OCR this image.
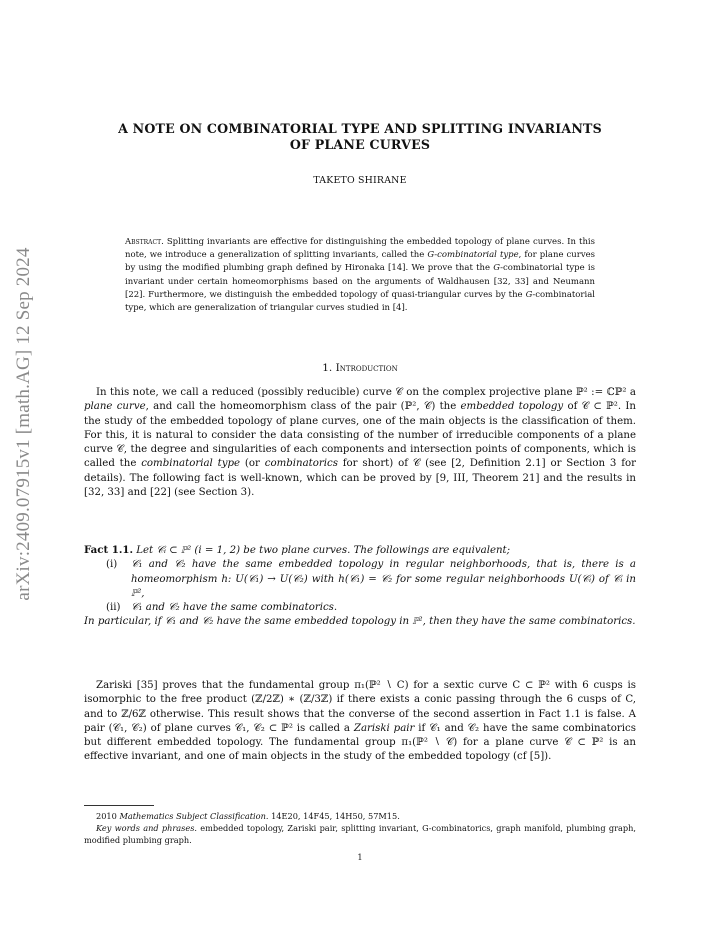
arXiv:2409.07915v1 [math.AG] 12 Sep 2024
A NOTE ON COMBINATORIAL TYPE AND SPLITTING INVARIANTS
OF PLANE CURVES
TAKETO SHIRANE
Abstract. Splitting invariants are effective for distinguishing the embedded topology of plane curves. In this note, we introduce a generalization of splitting invariants, called the G-combinatorial type, for plane curves by using the modified plumbing graph defined by Hironaka [14]. We prove that the G-combinatorial type is invariant under certain homeomorphisms based on the arguments of Waldhausen [32, 33] and Neumann [22]. Furthermore, we distinguish the embedded topology of quasi-triangular curves by the G-combinatorial type, which are generalization of triangular curves studied in [4].
1. Introduction
In this note, we call a reduced (possibly reducible) curve 𝒞 on the complex projective plane ℙ² := ℂℙ² a plane curve, and call the homeomorphism class of the pair (ℙ², 𝒞) the embedded topology of 𝒞 ⊂ ℙ². In the study of the embedded topology of plane curves, one of the main objects is the classification of them. For this, it is natural to consider the data consisting of the number of irreducible components of a plane curve 𝒞, the degree and singularities of each components and intersection points of components, which is called the combinatorial type (or combinatorics for short) of 𝒞 (see [2, Definition 2.1] or Section 3 for details). The following fact is well-known, which can be proved by [9, III, Theorem 21] and the results in [32, 33] and [22] (see Section 3).
Fact 1.1. Let 𝒞ᵢ ⊂ ℙ² (i = 1, 2) be two plane curves. The followings are equivalent;
(i) 𝒞₁ and 𝒞₂ have the same embedded topology in regular neighborhoods, that is, there is a homeomorphism h: U(𝒞₁) → U(𝒞₂) with h(𝒞₁) = 𝒞₂ for some regular neighborhoods U(𝒞ᵢ) of 𝒞ᵢ in ℙ²,
(ii) 𝒞₁ and 𝒞₂ have the same combinatorics.
In particular, if 𝒞₁ and 𝒞₂ have the same embedded topology in ℙ², then they have the same combinatorics.
Zariski [35] proves that the fundamental group π₁(ℙ² ∖ C) for a sextic curve C ⊂ ℙ² with 6 cusps is isomorphic to the free product (ℤ/2ℤ) ∗ (ℤ/3ℤ) if there exists a conic passing through the 6 cusps of C, and to ℤ/6ℤ otherwise. This result shows that the converse of the second assertion in Fact 1.1 is false. A pair (𝒞₁, 𝒞₂) of plane curves 𝒞₁, 𝒞₂ ⊂ ℙ² is called a Zariski pair if 𝒞₁ and 𝒞₂ have the same combinatorics but different embedded topology. The fundamental group π₁(ℙ² ∖ 𝒞) for a plane curve 𝒞 ⊂ ℙ² is an effective invariant, and one of main objects in the study of the embedded topology (cf [5]).
2010 Mathematics Subject Classification. 14E20, 14F45, 14H50, 57M15.
Key words and phrases. embedded topology, Zariski pair, splitting invariant, G-combinatorics, graph manifold, plumbing graph, modified plumbing graph.
1
